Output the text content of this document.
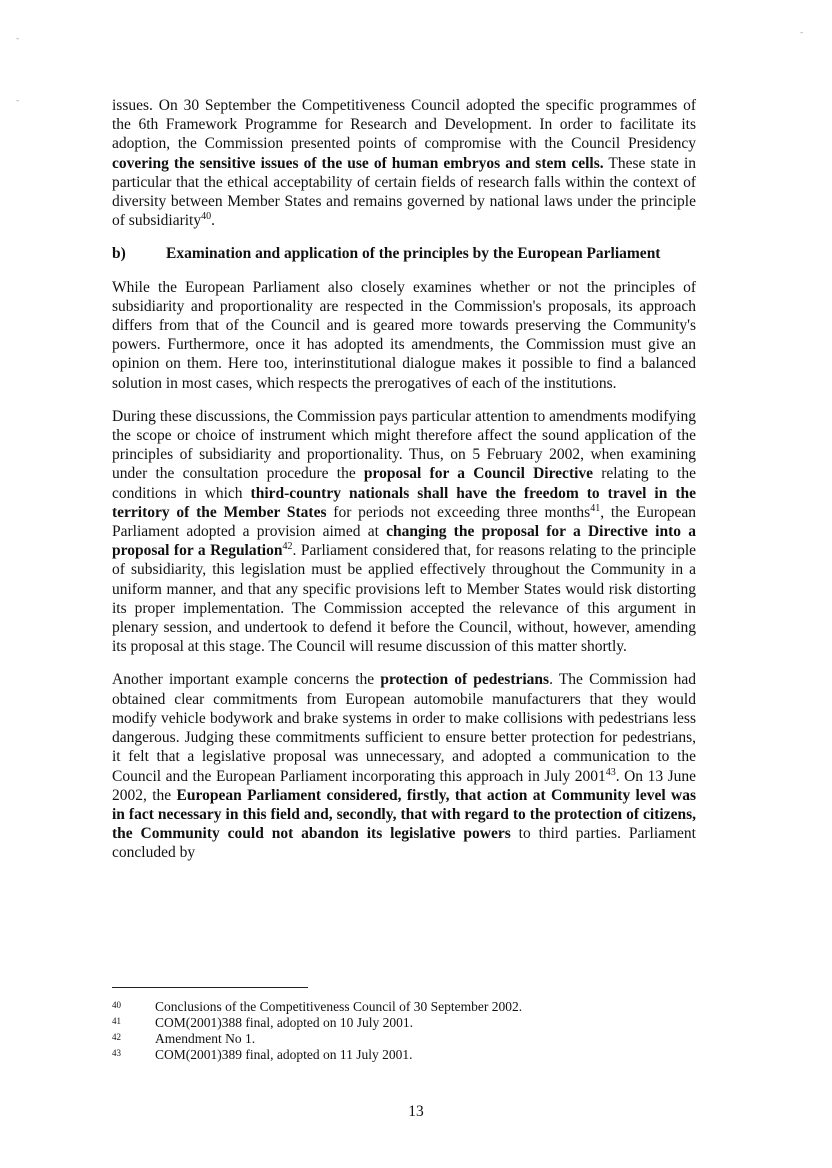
-
-
-

issues. On 30 September the Competitiveness Council adopted the specific programmes of the 6th Framework Programme for Research and Development. In order to facilitate its adoption, the Commission presented points of compromise with the Council Presidency covering the sensitive issues of the use of human embryos and stem cells. These state in particular that the ethical acceptability of certain fields of research falls within the context of diversity between Member States and remains governed by national laws under the principle of subsidiarity$^{40}$.

b)	Examination and application of the principles by the European Parliament

While the European Parliament also closely examines whether or not the principles of subsidiarity and proportionality are respected in the Commission's proposals, its approach differs from that of the Council and is geared more towards preserving the Community's powers. Furthermore, once it has adopted its amendments, the Commission must give an opinion on them. Here too, interinstitutional dialogue makes it possible to find a balanced solution in most cases, which respects the prerogatives of each of the institutions.

During these discussions, the Commission pays particular attention to amendments modifying the scope or choice of instrument which might therefore affect the sound application of the principles of subsidiarity and proportionality. Thus, on 5 February 2002, when examining under the consultation procedure the proposal for a Council Directive relating to the conditions in which third-country nationals shall have the freedom to travel in the territory of the Member States for periods not exceeding three months$^{41}$, the European Parliament adopted a provision aimed at changing the proposal for a Directive into a proposal for a Regulation$^{42}$. Parliament considered that, for reasons relating to the principle of subsidiarity, this legislation must be applied effectively throughout the Community in a uniform manner, and that any specific provisions left to Member States would risk distorting its proper implementation. The Commission accepted the relevance of this argument in plenary session, and undertook to defend it before the Council, without, however, amending its proposal at this stage. The Council will resume discussion of this matter shortly.

Another important example concerns the protection of pedestrians. The Commission had obtained clear commitments from European automobile manufacturers that they would modify vehicle bodywork and brake systems in order to make collisions with pedestrians less dangerous. Judging these commitments sufficient to ensure better protection for pedestrians, it felt that a legislative proposal was unnecessary, and adopted a communication to the Council and the European Parliament incorporating this approach in July 2001$^{43}$. On 13 June 2002, the European Parliament considered, firstly, that action at Community level was in fact necessary in this field and, secondly, that with regard to the protection of citizens, the Community could not abandon its legislative powers to third parties. Parliament concluded by

40	Conclusions of the Competitiveness Council of 30 September 2002.
41	COM(2001)388 final, adopted on 10 July 2001.
42	Amendment No 1.
43	COM(2001)389 final, adopted on 11 July 2001.
13
